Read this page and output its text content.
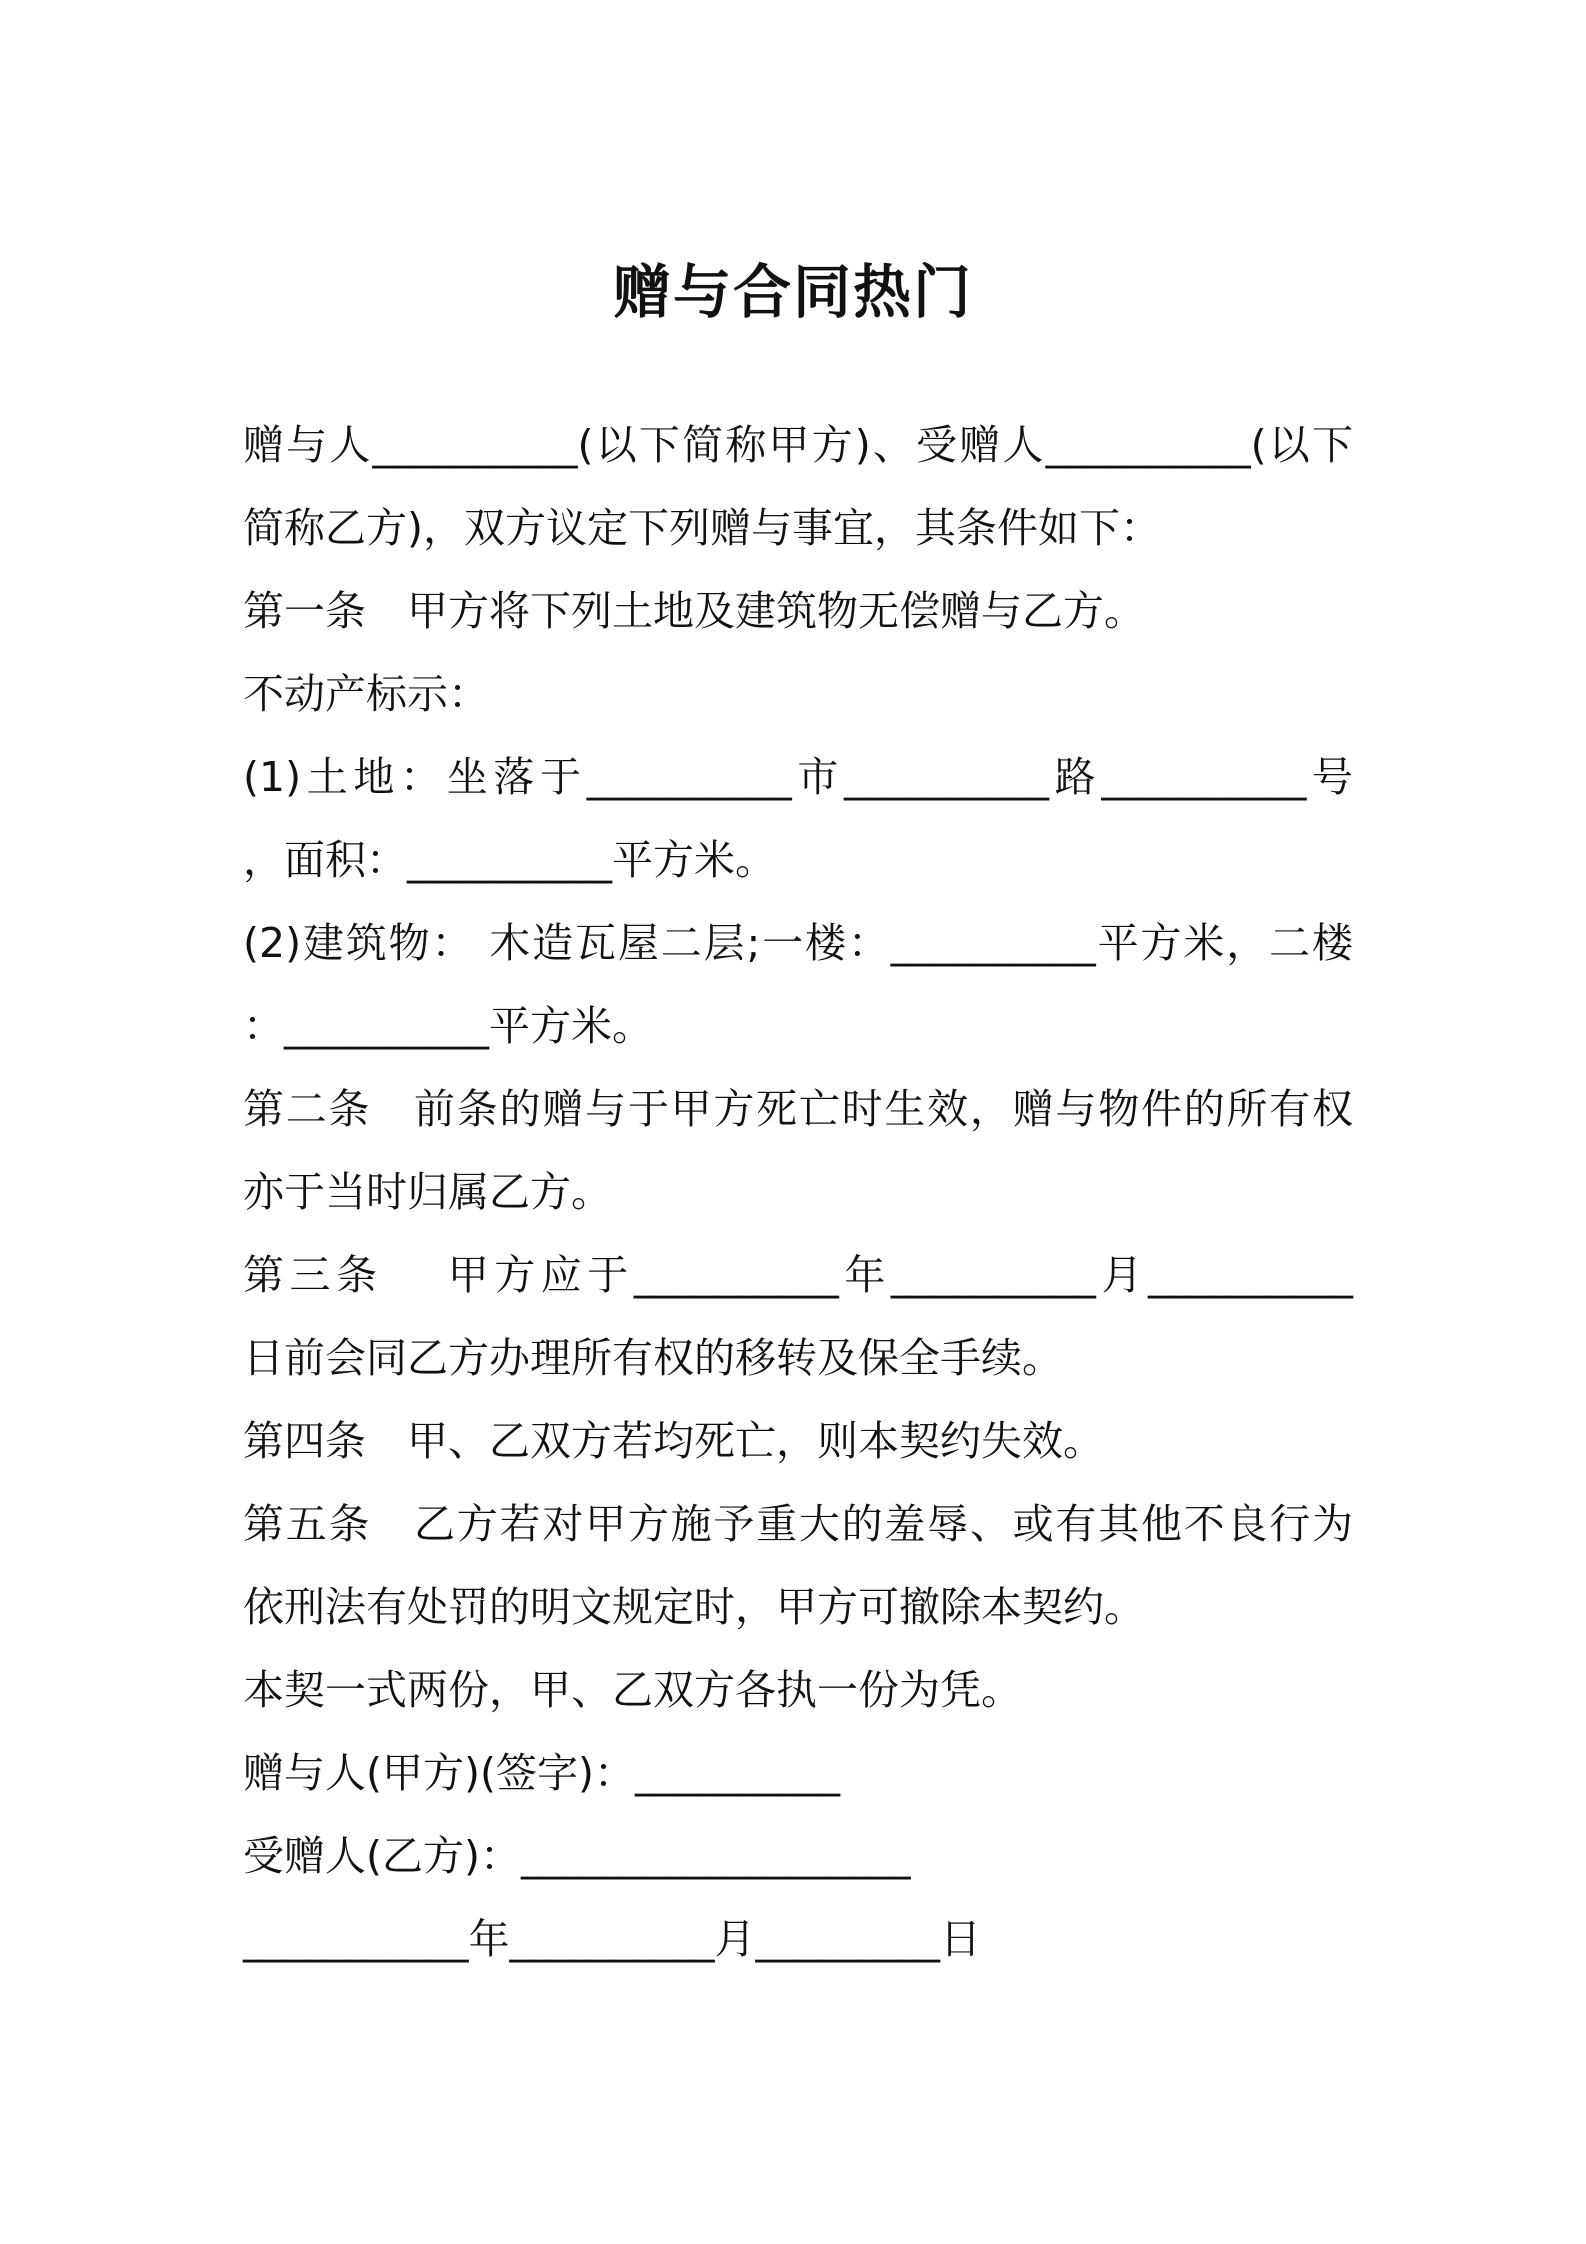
赠与合同热门
赠与人__________(以下简称甲方)、受赠人__________(以下
简称乙方)，双方议定下列赠与事宜，其条件如下：
第一条　甲方将下列土地及建筑物无偿赠与乙方。
不动产标示：
(1)土地：坐落于__________市__________路__________号
，面积：__________平方米。
(2)建筑物： 木造瓦屋二层;一楼：__________平方米，二楼
：__________平方米。
第二条　前条的赠与于甲方死亡时生效，赠与物件的所有权
亦于当时归属乙方。
第三条　 甲方应于__________年__________月__________
日前会同乙方办理所有权的移转及保全手续。
第四条　甲、乙双方若均死亡，则本契约失效。
第五条　乙方若对甲方施予重大的羞辱、或有其他不良行为
依刑法有处罚的明文规定时，甲方可撤除本契约。
本契一式两份，甲、乙双方各执一份为凭。
赠与人(甲方)(签字)：__________
受赠人(乙方)：___________________
___________年__________月_________日
